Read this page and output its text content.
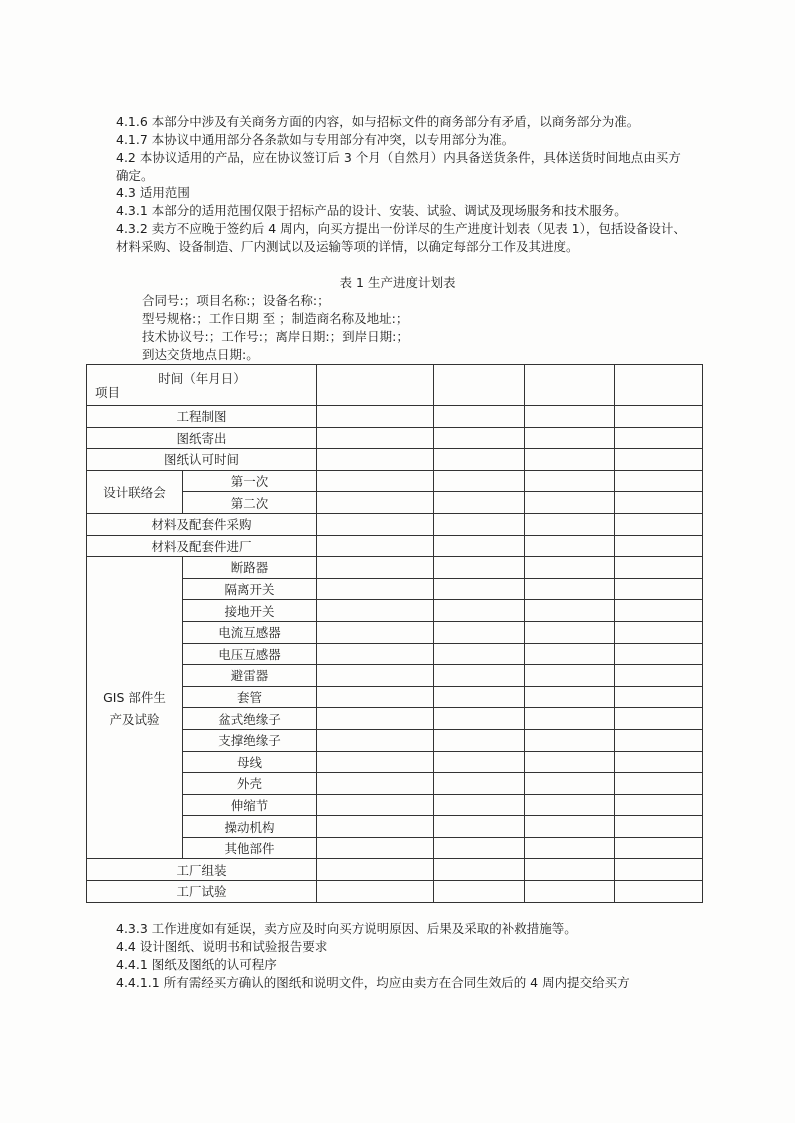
4.1.6 本部分中涉及有关商务方面的内容，如与招标文件的商务部分有矛盾，以商务部分为准。
4.1.7 本协议中通用部分各条款如与专用部分有冲突，以专用部分为准。
4.2 本协议适用的产品，应在协议签订后 3 个月（自然月）内具备送货条件，具体送货时间地点由买方确定。
4.3 适用范围
4.3.1 本部分的适用范围仅限于招标产品的设计、安装、试验、调试及现场服务和技术服务。
4.3.2 卖方不应晚于签约后 4 周内，向买方提出一份详尽的生产进度计划表（见表 1），包括设备设计、材料采购、设备制造、厂内测试以及运输等项的详情，以确定每部分工作及其进度。
表 1 生产进度计划表
合同号:；项目名称:；设备名称:；
型号规格:；工作日期 至 ；制造商名称及地址:；
技术协议号:；工作号:；离岸日期:；到岸日期:；
到达交货地点日期:。
时间（年月日）
项目					

工程制图					
图纸寄出					
图纸认可时间					
设计联络会	第一次				
	第二次				
材料及配套件采购					
材料及配套件进厂					

GIS 部件生
产及试验	断路器				
	隔离开关				
	接地开关				
	电流互感器				
	电压互感器				
	避雷器				
	套管				
	盆式绝缘子				
	支撑绝缘子				
	母线				
	外壳				
	伸缩节				
	操动机构				
	其他部件				
工厂组装					
工厂试验					
4.3.3 工作进度如有延误，卖方应及时向买方说明原因、后果及采取的补救措施等。
4.4 设计图纸、说明书和试验报告要求
4.4.1 图纸及图纸的认可程序
4.4.1.1 所有需经买方确认的图纸和说明文件，均应由卖方在合同生效后的 4 周内提交给买方
